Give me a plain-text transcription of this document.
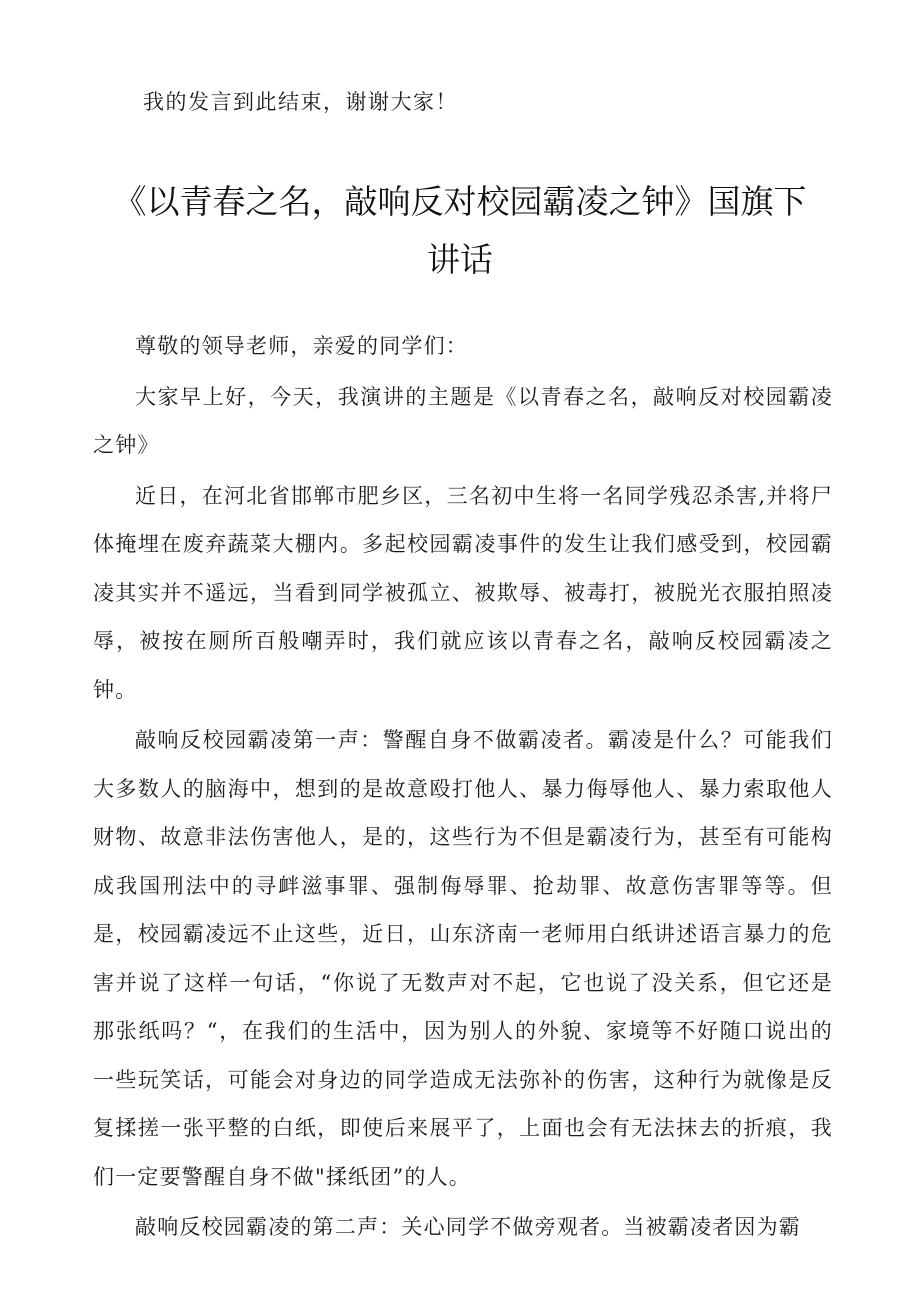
我的发言到此结束，谢谢大家！
《以青春之名，敲响反对校园霸凌之钟》国旗下
讲话

尊敬的领导老师，亲爱的同学们：

大家早上好，今天，我演讲的主题是《以青春之名，敲响反对校园霸凌之钟》

近日，在河北省邯郸市肥乡区，三名初中生将一名同学残忍杀害,并将尸体掩埋在废弃蔬菜大棚内。多起校园霸凌事件的发生让我们感受到，校园霸凌其实并不遥远，当看到同学被孤立、被欺辱、被毒打，被脱光衣服拍照凌辱，被按在厕所百般嘲弄时，我们就应该以青春之名，敲响反校园霸凌之钟。

敲响反校园霸凌第一声：警醒自身不做霸凌者。霸凌是什么？可能我们大多数人的脑海中，想到的是故意殴打他人、暴力侮辱他人、暴力索取他人财物、故意非法伤害他人，是的，这些行为不但是霸凌行为，甚至有可能构成我国刑法中的寻衅滋事罪、强制侮辱罪、抢劫罪、故意伤害罪等等。但是，校园霸凌远不止这些，近日，山东济南一老师用白纸讲述语言暴力的危害并说了这样一句话，“你说了无数声对不起，它也说了没关系，但它还是那张纸吗？“，在我们的生活中，因为别人的外貌、家境等不好随口说出的一些玩笑话，可能会对身边的同学造成无法弥补的伤害，这种行为就像是反复揉搓一张平整的白纸，即使后来展平了，上面也会有无法抹去的折痕，我们一定要警醒自身不做"揉纸团”的人。

敲响反校园霸凌的第二声：关心同学不做旁观者。当被霸凌者因为霸
